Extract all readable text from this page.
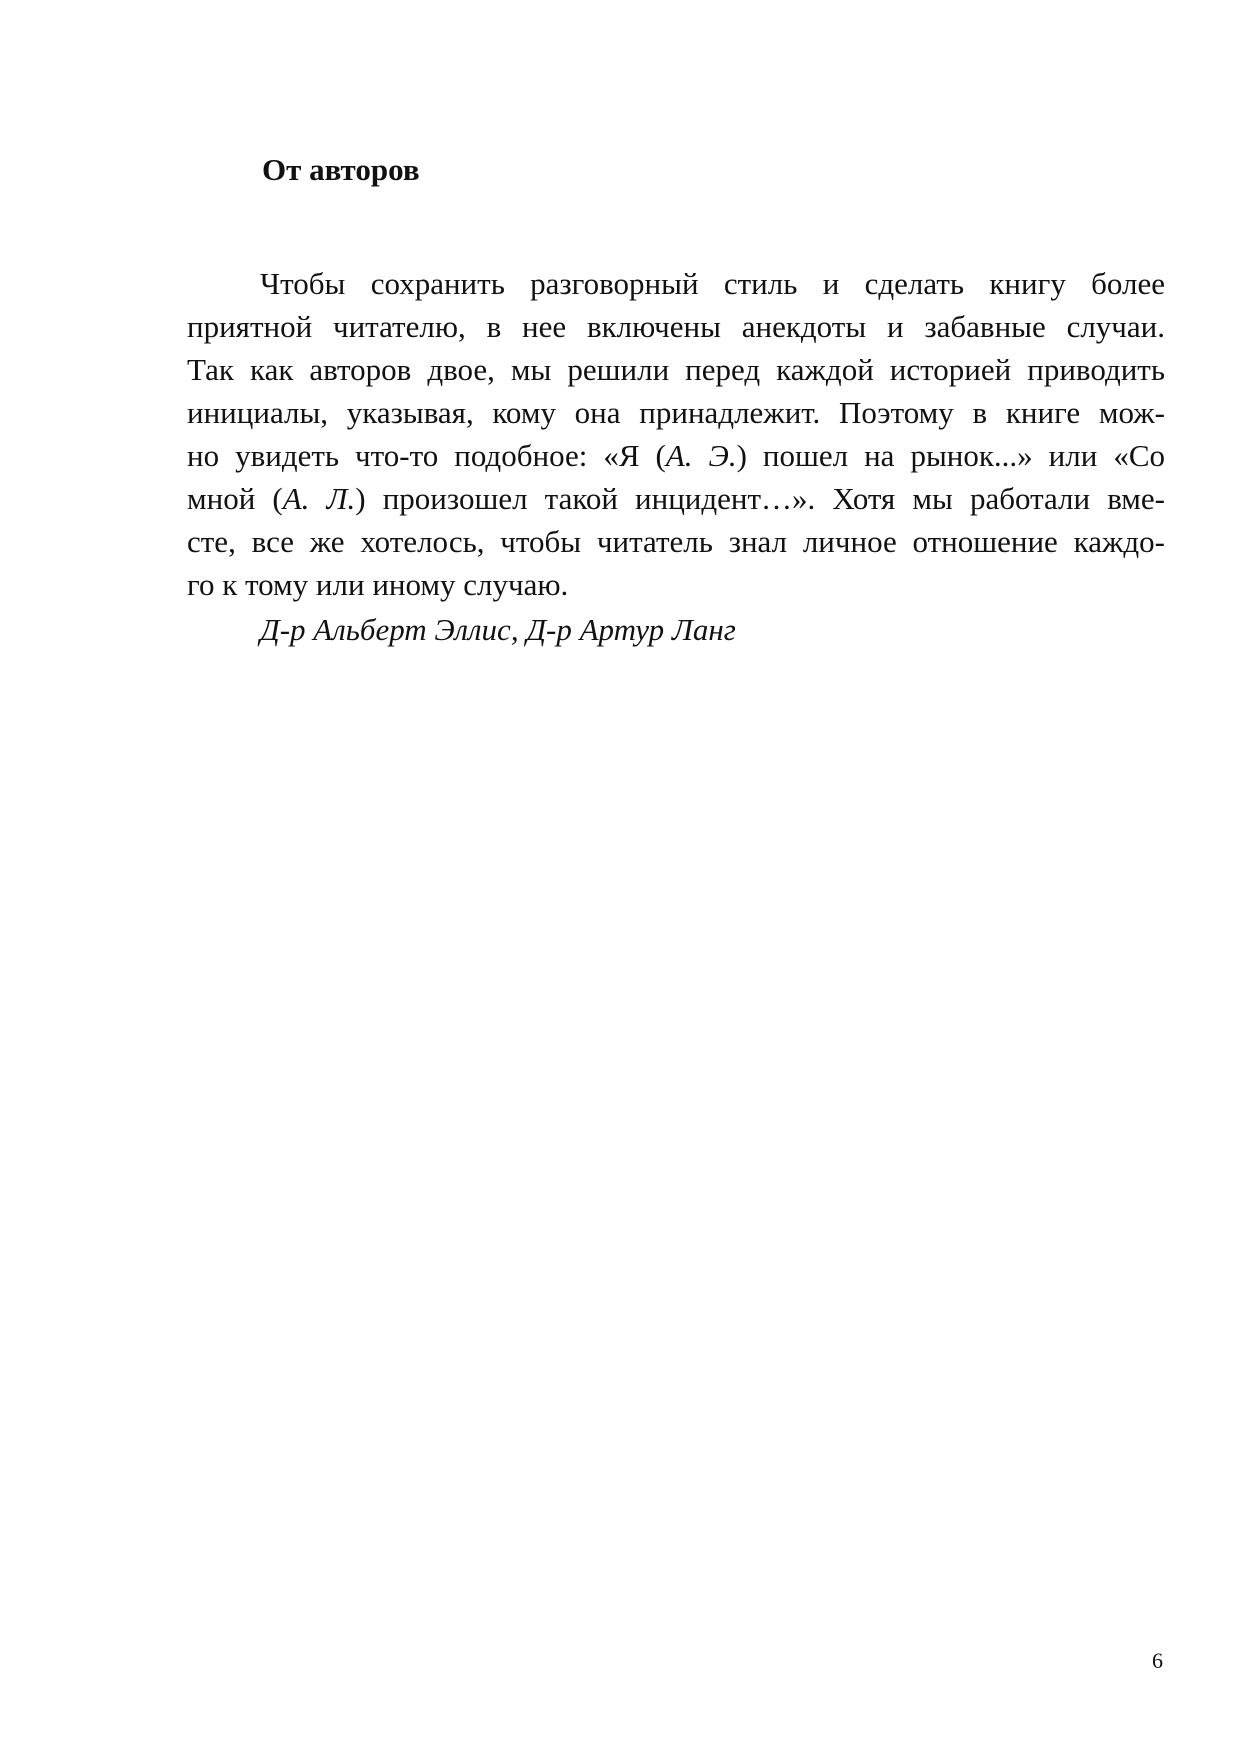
От авторов
Чтобы сохранить разговорный стиль и сделать книгу более
приятной читателю, в нее включены анекдоты и забавные случаи.
Так как авторов двое, мы решили перед каждой историей приводить
инициалы, указывая, кому она принадлежит. Поэтому в книге мож-
но увидеть что-то подобное: «Я (А. Э.) пошел на рынок...» или «Со
мной (А. Л.) произошел такой инцидент…». Хотя мы работали вме-
сте, все же хотелось, чтобы читатель знал личное отношение каждо-
го к тому или иному случаю.

Д-р Альберт Эллис, Д-р Артур Ланг

6
